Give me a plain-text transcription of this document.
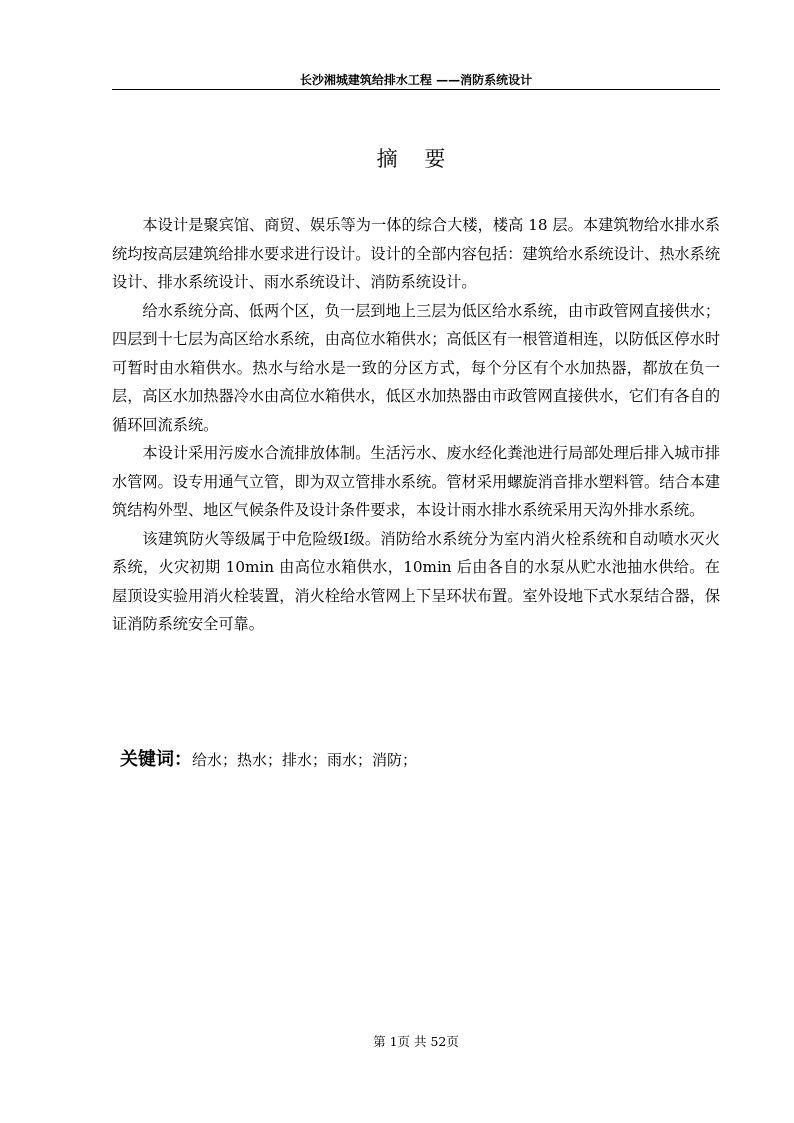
长沙湘城建筑给排水工程 ——消防系统设计
摘 要

本设计是聚宾馆、商贸、娱乐等为一体的综合大楼，楼高 18 层。本建筑物给水排水系统均按高层建筑给排水要求进行设计。设计的全部内容包括：建筑给水系统设计、热水系统设计、排水系统设计、雨水系统设计、消防系统设计。

给水系统分高、低两个区，负一层到地上三层为低区给水系统，由市政管网直接供水；四层到十七层为高区给水系统，由高位水箱供水；高低区有一根管道相连，以防低区停水时可暂时由水箱供水。热水与给水是一致的分区方式，每个分区有个水加热器，都放在负一层，高区水加热器冷水由高位水箱供水，低区水加热器由市政管网直接供水，它们有各自的循环回流系统。

本设计采用污废水合流排放体制。生活污水、废水经化粪池进行局部处理后排入城市排水管网。设专用通气立管，即为双立管排水系统。管材采用螺旋消音排水塑料管。结合本建筑结构外型、地区气候条件及设计条件要求，本设计雨水排水系统采用天沟外排水系统。

该建筑防火等级属于中危险级Ⅰ级。消防给水系统分为室内消火栓系统和自动喷水灭火系统，火灾初期 10min 由高位水箱供水，10min 后由各自的水泵从贮水池抽水供给。在屋顶设实验用消火栓装置，消火栓给水管网上下呈环状布置。室外设地下式水泵结合器，保证消防系统安全可靠。

关键词：给水；热水；排水；雨水；消防；
第 1页 共 52页
